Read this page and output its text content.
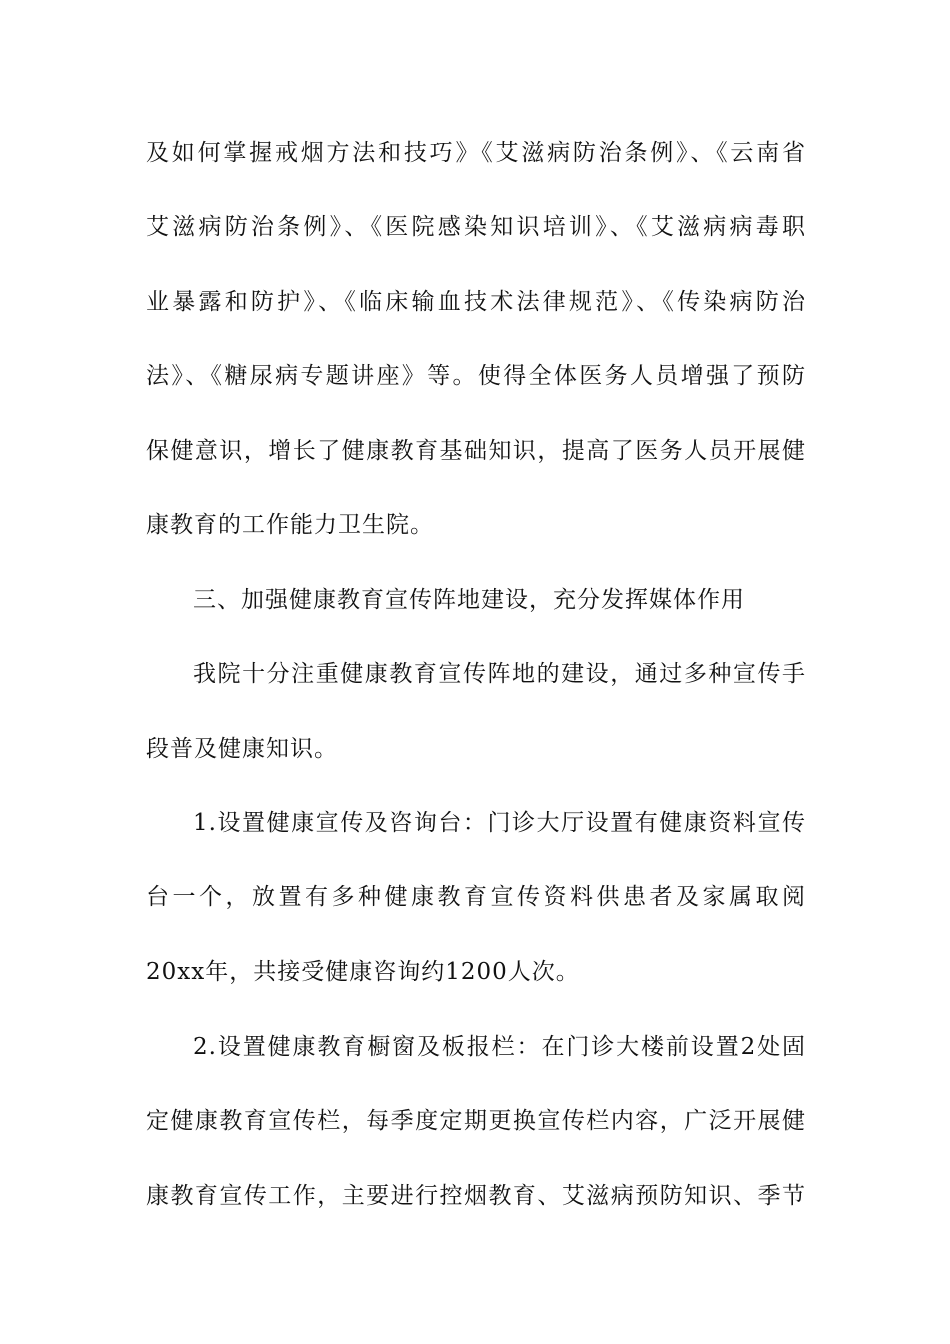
及如何掌握戒烟方法和技巧》《艾滋病防治条例》、《云南省
艾滋病防治条例》、《医院感染知识培训》、《艾滋病病毒职
业暴露和防护》、《临床输血技术法律规范》、《传染病防治
法》、《糖尿病专题讲座》等。使得全体医务人员增强了预防
保健意识，增长了健康教育基础知识，提高了医务人员开展健
康教育的工作能力卫生院。
三、加强健康教育宣传阵地建设，充分发挥媒体作用
我院十分注重健康教育宣传阵地的建设，通过多种宣传手
段普及健康知识。
1.设置健康宣传及咨询台：门诊大厅设置有健康资料宣传
台一个，放置有多种健康教育宣传资料供患者及家属取阅
20xx年，共接受健康咨询约1200人次。
2.设置健康教育橱窗及板报栏：在门诊大楼前设置2处固
定健康教育宣传栏，每季度定期更换宣传栏内容，广泛开展健
康教育宣传工作，主要进行控烟教育、艾滋病预防知识、季节
